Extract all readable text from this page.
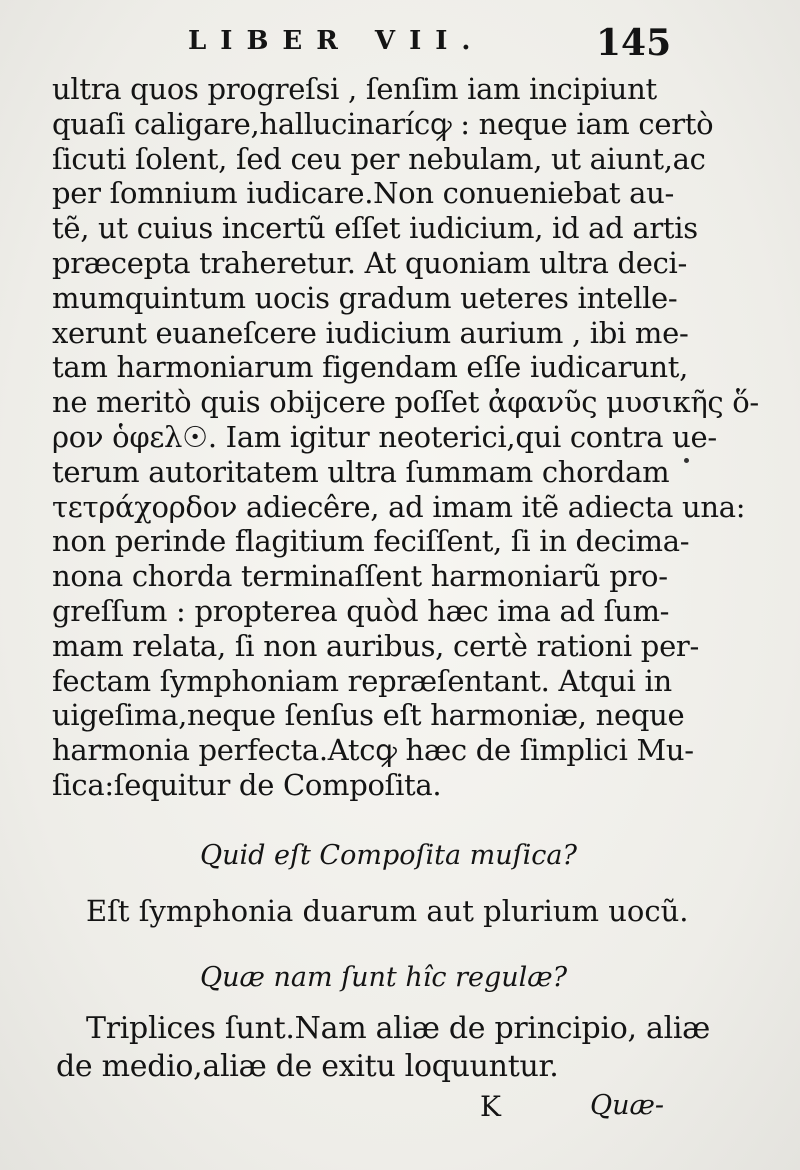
LIBER VII.	145
ultra quos progreſsi , ſenſim iam incipiunt
quaſi caligare,hallucinarícꝙ : neque iam certò
ſicuti ſolent, ſed ceu per nebulam, ut aiunt,ac
per ſomnium iudicare.Non conueniebat au-
tẽ, ut cuius incertũ eſſet iudicium, id ad artis
præcepta traheretur. At quoniam ultra deci-
mumquintum uocis gradum ueteres intelle-
xerunt euaneſcere iudicium aurium , ibi me-
tam harmoniarum figendam eſſe iudicarunt,
ne meritò quis obijcere poſſet ἀφανῦς μυσικῆς ὅ-
ρον ὁφελ☉. Iam igitur neoterici,qui contra ue-
terum autoritatem ultra ſummam chordam
τετράχορδον adiecêre, ad imam itẽ adiecta una:
non perinde flagitium feciſſent, ſi in decima-
nona chorda terminaſſent harmoniarũ pro-
greſſum : propterea quòd hæc ima ad ſum-
mam relata, ſi non auribus, certè rationi per-
fectam ſymphoniam repræſentant. Atqui in
uigeſima,neque ſenſus eſt harmoniæ, neque
harmonia perfecta.Atcꝙ hæc de ſimplici Mu-
ſica:ſequitur de Compoſita.
Quid eſt Compoſita muſica?
Eſt ſymphonia duarum aut plurium uocũ.
Quæ nam ſunt hîc regulæ?
Triplices ſunt.Nam aliæ de principio, aliæ
de medio,aliæ de exitu loquuntur.
K	Quæ-
